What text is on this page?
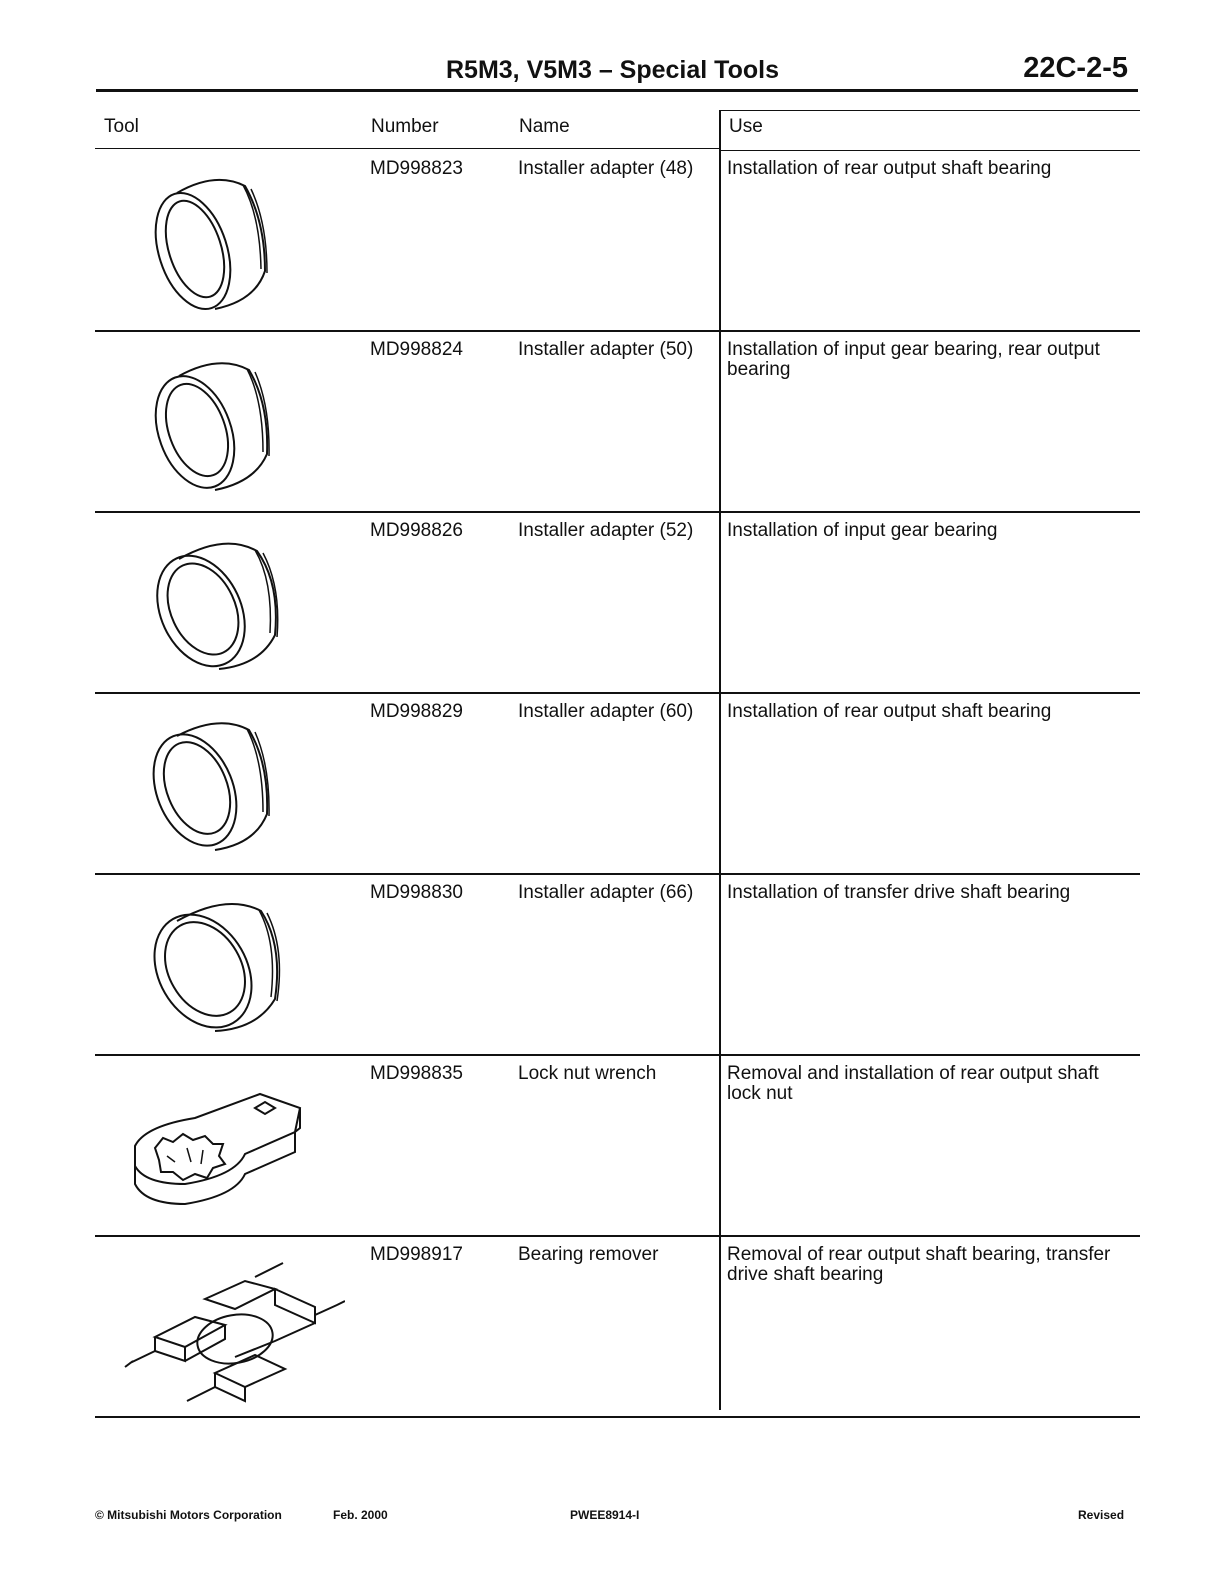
R5M3, V5M3 – Special Tools	22C-2-5
Tool	Number	Name	Use
MD998823	Installer adapter (48)	Installation of rear output shaft bearing
MD998824	Installer adapter (50)	Installation of input gear bearing, rear output bearing
MD998826	Installer adapter (52)	Installation of input gear bearing
MD998829	Installer adapter (60)	Installation of rear output shaft bearing
MD998830	Installer adapter (66)	Installation of transfer drive shaft bearing
MD998835	Lock nut wrench	Removal and installation of rear output shaft lock nut
MD998917	Bearing remover	Removal of rear output shaft bearing, transfer drive shaft bearing
© Mitsubishi Motors Corporation	Feb. 2000	PWEE8914-I	Revised
